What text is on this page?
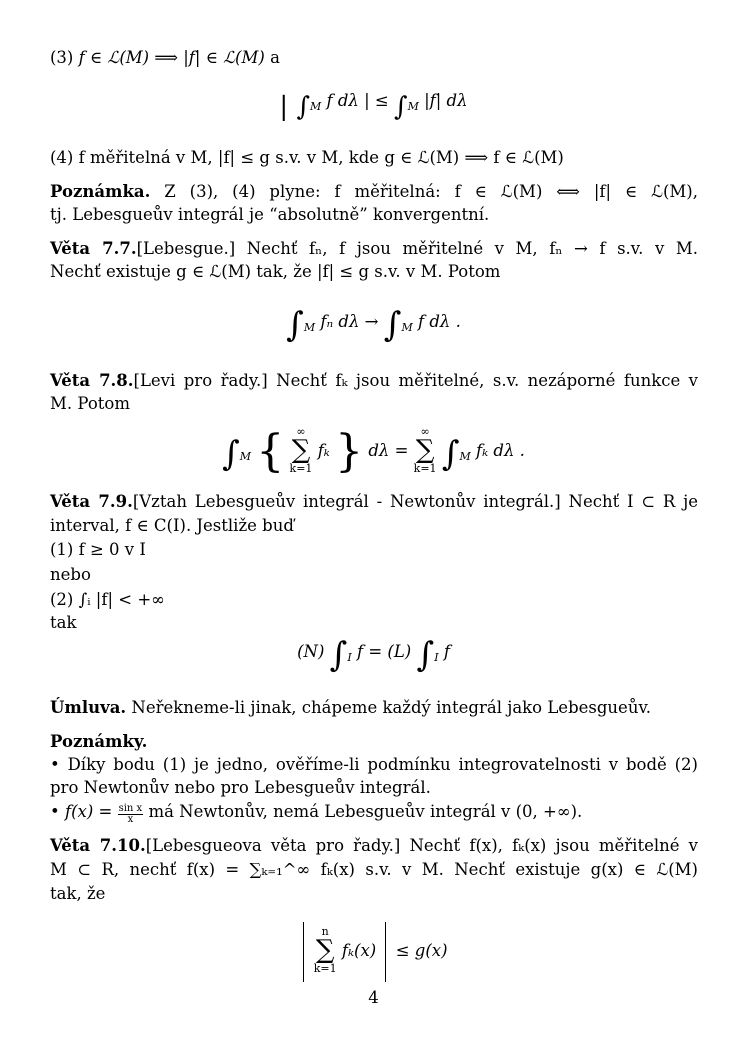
(3) f ∈ ℒ(M) ⟹ |f| ∈ ℒ(M) a
| $\int_M$ f dλ | ≤ $\int_M$ |f| dλ
(4) f měřitelná v M, |f| ≤ g s.v. v M, kde g ∈ ℒ(M) ⟹ f ∈ ℒ(M)
Poznámka. Z (3), (4) plyne: f měřitelná: f ∈ ℒ(M) ⟺ |f| ∈ ℒ(M),
tj. Lebesgueův integrál je “absolutně” konvergentní.
Věta 7.7.[Lebesgue.] Nechť fₙ, f jsou měřitelné v M, fₙ → f s.v. v M.
Nechť existuje g ∈ ℒ(M) tak, že |f| ≤ g s.v. v M. Potom
$\int_M$ fₙ $d\lambda \to \int_M$ f dλ .
Věta 7.8.[Levi pro řady.] Nechť fₖ jsou měřitelné, s.v. nezáporné funkce v
M. Potom
$\int_M$ {	∞
∑
k=1
fₖ } dλ =
∞
∑
k=1 $\int_M$ fₖ dλ .
Věta 7.9.[Vztah Lebesgueův integrál - Newtonův integrál.] Nechť I ⊂ R je
interval, f ∈ C(I). Jestliže buď
(1) f ≥ 0 v I
nebo
(2) ∫ᵢ |f| < +∞
tak
(N) $\int_I$ f = (L) $\int_I$ f
Úmluva. Neřekneme-li jinak, chápeme každý integrál jako Lebesgueův.
Poznámky.
• Díky bodu (1) je jedno, ověříme-li podmínku integrovatelnosti v bodě (2)
pro Newtonův nebo pro Lebesgueův integrál.
• $f(x) = \frac{\text{sin x}}{x}$ má Newtonův, nemá Lebesgueův integrál v (0, +∞).
Věta 7.10.[Lebesgueova věta pro řady.] Nechť f(x), fₖ(x) jsou měřitelné v
M ⊂ R, nechť f(x) = ∑ₖ₌₁^∞ fₖ(x) s.v. v M. Nechť existuje g(x) ∈ ℒ(M)
tak, že

n
∑
k=1
fₖ(x) ≤ g(x)
4
